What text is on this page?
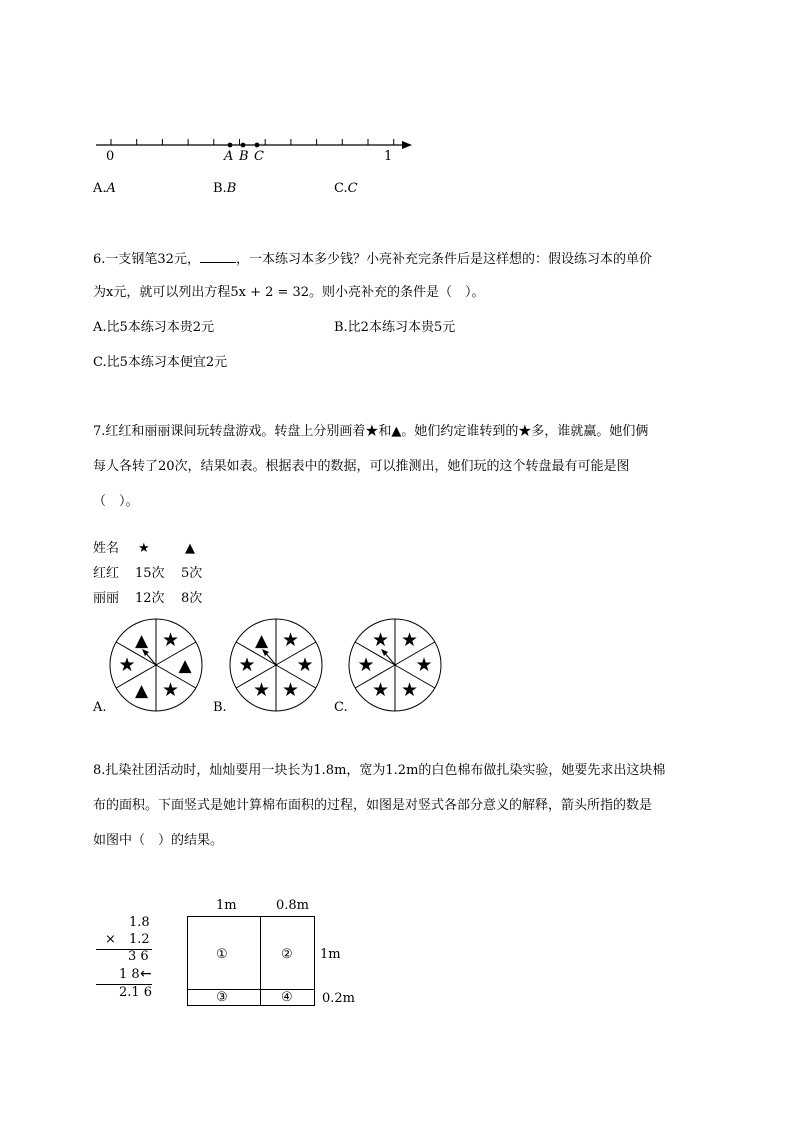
0	A B C	1
A.A	B.B	C.C
6.一支钢笔32元，	，一本练习本多少钱？小亮补充完条件后是这样想的：假设练习本的单价
为x元，就可以列出方程5x + 2 = 32。则小亮补充的条件是（　）。
A.比5本练习本贵2元	B.比2本练习本贵5元
C.比5本练习本便宜2元
7.红红和丽丽课间玩转盘游戏。转盘上分别画着★和▲。她们约定谁转到的★多，谁就赢。她们俩
每人各转了20次，结果如表。根据表中的数据，可以推测出，她们玩的这个转盘最有可能是图
（　）。
姓名 ★	▲
红红 15次 5次
丽丽 12次 8次
★
▲
★
▲
★
▲	★
★
★
★
★
▲	★
★
★
★
★
★
A.	B.	C.
8.扎染社团活动时，灿灿要用一块长为1.8m，宽为1.2m的白色棉布做扎染实验，她要先求出这块棉
布的面积。下面竖式是她计算棉布面积的过程，如图是对竖式各部分意义的解释，箭头所指的数是
如图中（　）的结果。
1.8
× 1.2
3 6
1 8 ←
2.1 6
1m	0.8m
①	②
③	④
1m
0.2m
